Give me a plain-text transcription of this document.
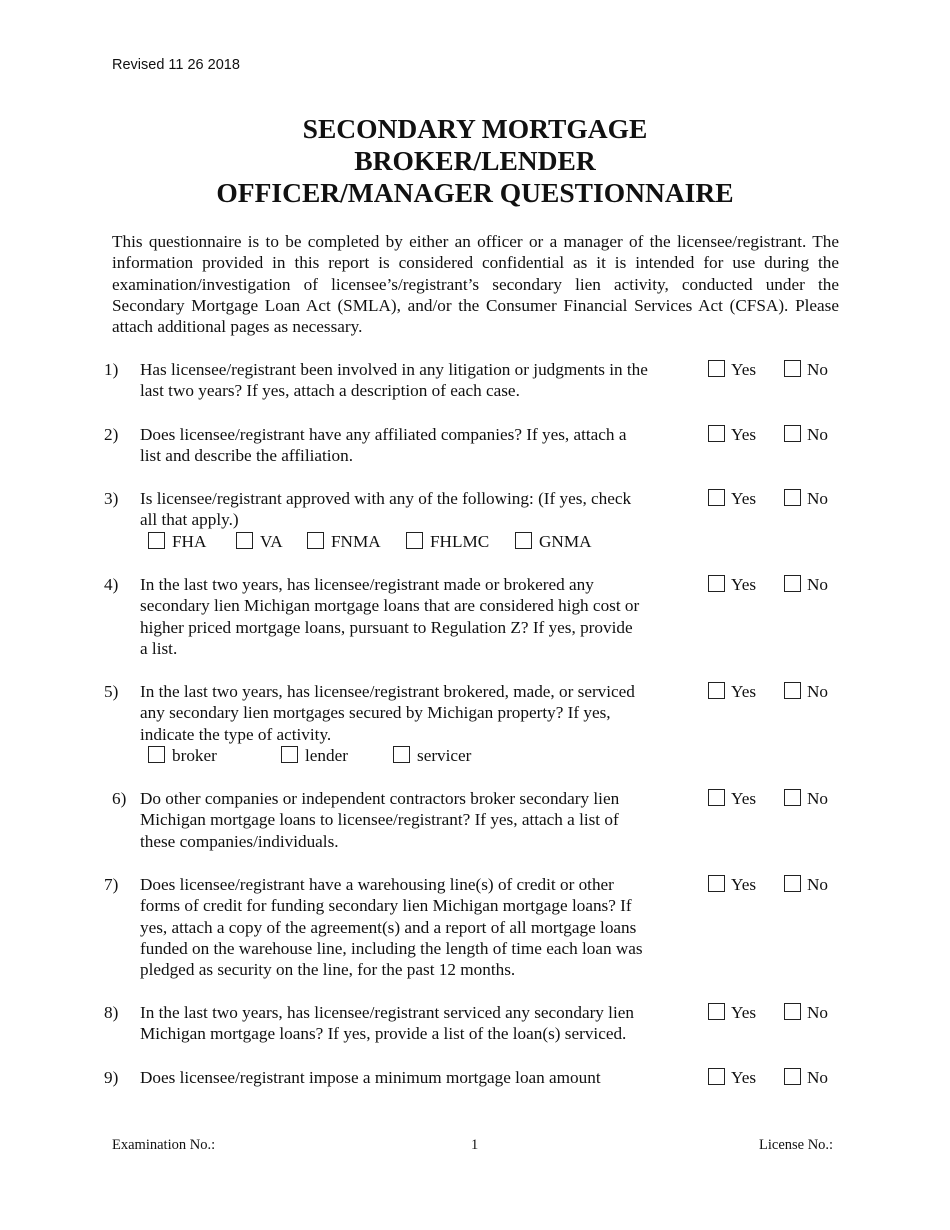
Revised 11 26 2018
SECONDARY MORTGAGE
BROKER/LENDER
OFFICER/MANAGER QUESTIONNAIRE
This questionnaire is to be completed by either an officer or a manager of the licensee/registrant. The information provided in this report is considered confidential as it is intended for use during the examination/investigation of licensee’s/registrant’s secondary lien activity, conducted under the Secondary Mortgage Loan Act (SMLA), and/or the Consumer Financial Services Act (CFSA). Please attach additional pages as necessary.
1) Has licensee/registrant been involved in any litigation or judgments in the
last two years? If yes, attach a description of each case.
Yes	No
2) Does licensee/registrant have any affiliated companies? If yes, attach a
list and describe the affiliation.
Yes	No
3) Is licensee/registrant approved with any of the following: (If yes, check
all that apply.)
Yes	No
FHA	VA	FNMA	FHLMC	GNMA
4) In the last two years, has licensee/registrant made or brokered any
secondary lien Michigan mortgage loans that are considered high cost or
higher priced mortgage loans, pursuant to Regulation Z? If yes, provide
a list.
Yes	No
5) In the last two years, has licensee/registrant brokered, made, or serviced
any secondary lien mortgages secured by Michigan property? If yes,
indicate the type of activity.
Yes	No
broker	lender	servicer
6) Do other companies or independent contractors broker secondary lien
Michigan mortgage loans to licensee/registrant? If yes, attach a list of
these companies/individuals.
Yes	No
7) Does licensee/registrant have a warehousing line(s) of credit or other
forms of credit for funding secondary lien Michigan mortgage loans? If
yes, attach a copy of the agreement(s) and a report of all mortgage loans
funded on the warehouse line, including the length of time each loan was
pledged as security on the line, for the past 12 months.
Yes	No
8) In the last two years, has licensee/registrant serviced any secondary lien
Michigan mortgage loans? If yes, provide a list of the loan(s) serviced.
Yes	No
9) Does licensee/registrant impose a minimum mortgage loan amount	Yes	No
Examination No.:	1	License No.:
